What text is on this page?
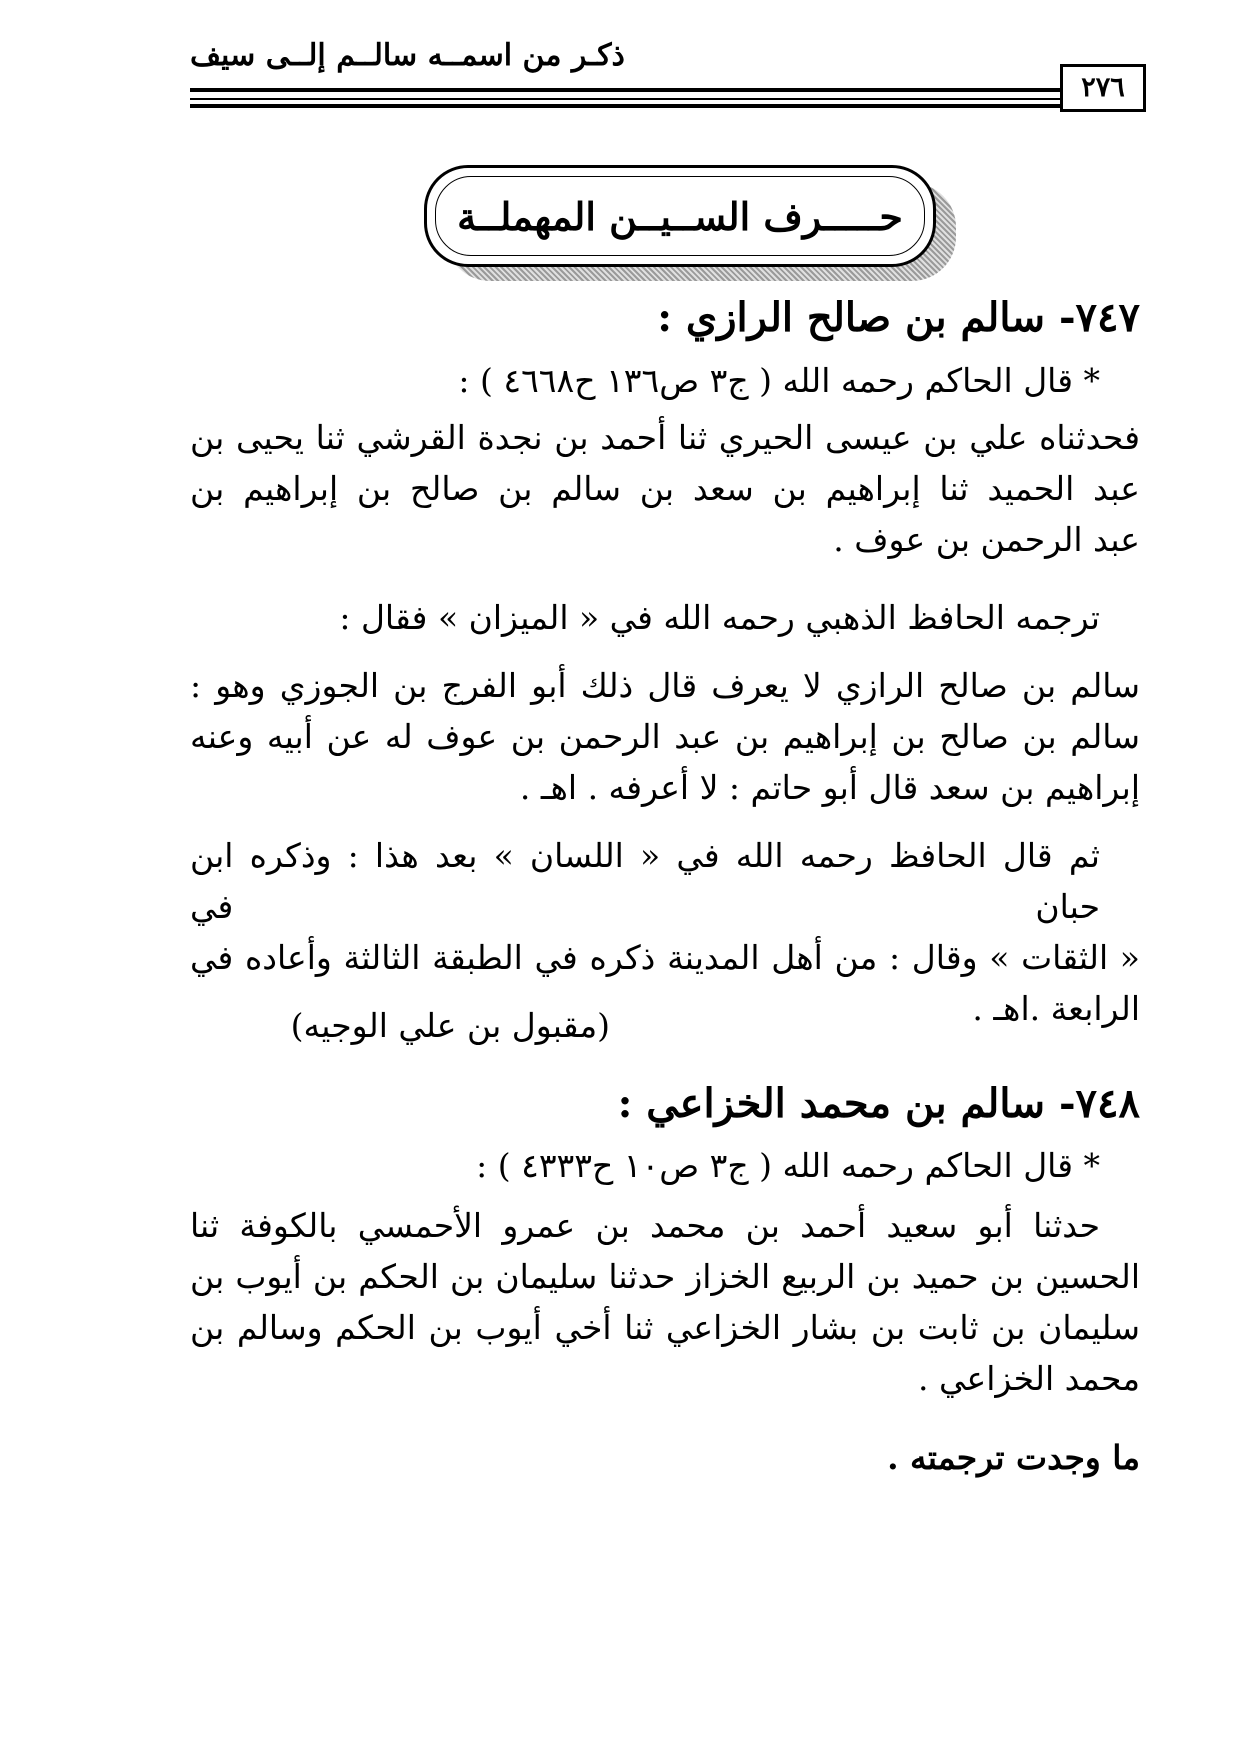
ذكـر من اسمــه سالــم إلــى سيف
٢٧٦
حـــــرف الســيــن المهملــة
٧٤٧- سالم بن صالح الرازي :
* قال الحاكم رحمه الله ( ج٣ ص١٣٦ ح٤٦٦٨ ) :
فحدثناه علي بن عيسى الحيري ثنا أحمد بن نجدة القرشي ثنا يحيى بن
عبد الحميد ثنا إبراهيم بن سعد بن سالم بن صالح بن إبراهيم بن
عبد الرحمن بن عوف .
ترجمه الحافظ الذهبي رحمه الله في « الميزان » فقال :
سالم بن صالح الرازي لا يعرف قال ذلك أبو الفرج بن الجوزي وهو :
سالم بن صالح بن إبراهيم بن عبد الرحمن بن عوف له عن أبيه وعنه
إبراهيم بن سعد قال أبو حاتم : لا أعرفه . اهـ .
ثم قال الحافظ رحمه الله في « اللسان » بعد هذا : وذكره ابن حبان في
« الثقات » وقال : من أهل المدينة ذكره في الطبقة الثالثة وأعاده في
الرابعة .اهـ .
(مقبول بن علي الوجيه)
٧٤٨- سالم بن محمد الخزاعي :
* قال الحاكم رحمه الله ( ج٣ ص١٠ ح٤٣٣٣ ) :
حدثنا أبو سعيد أحمد بن محمد بن عمرو الأحمسي بالكوفة ثنا
الحسين بن حميد بن الربيع الخزاز حدثنا سليمان بن الحكم بن أيوب بن
سليمان بن ثابت بن بشار الخزاعي ثنا أخي أيوب بن الحكم وسالم بن
محمد الخزاعي .
ما وجدت ترجمته .
